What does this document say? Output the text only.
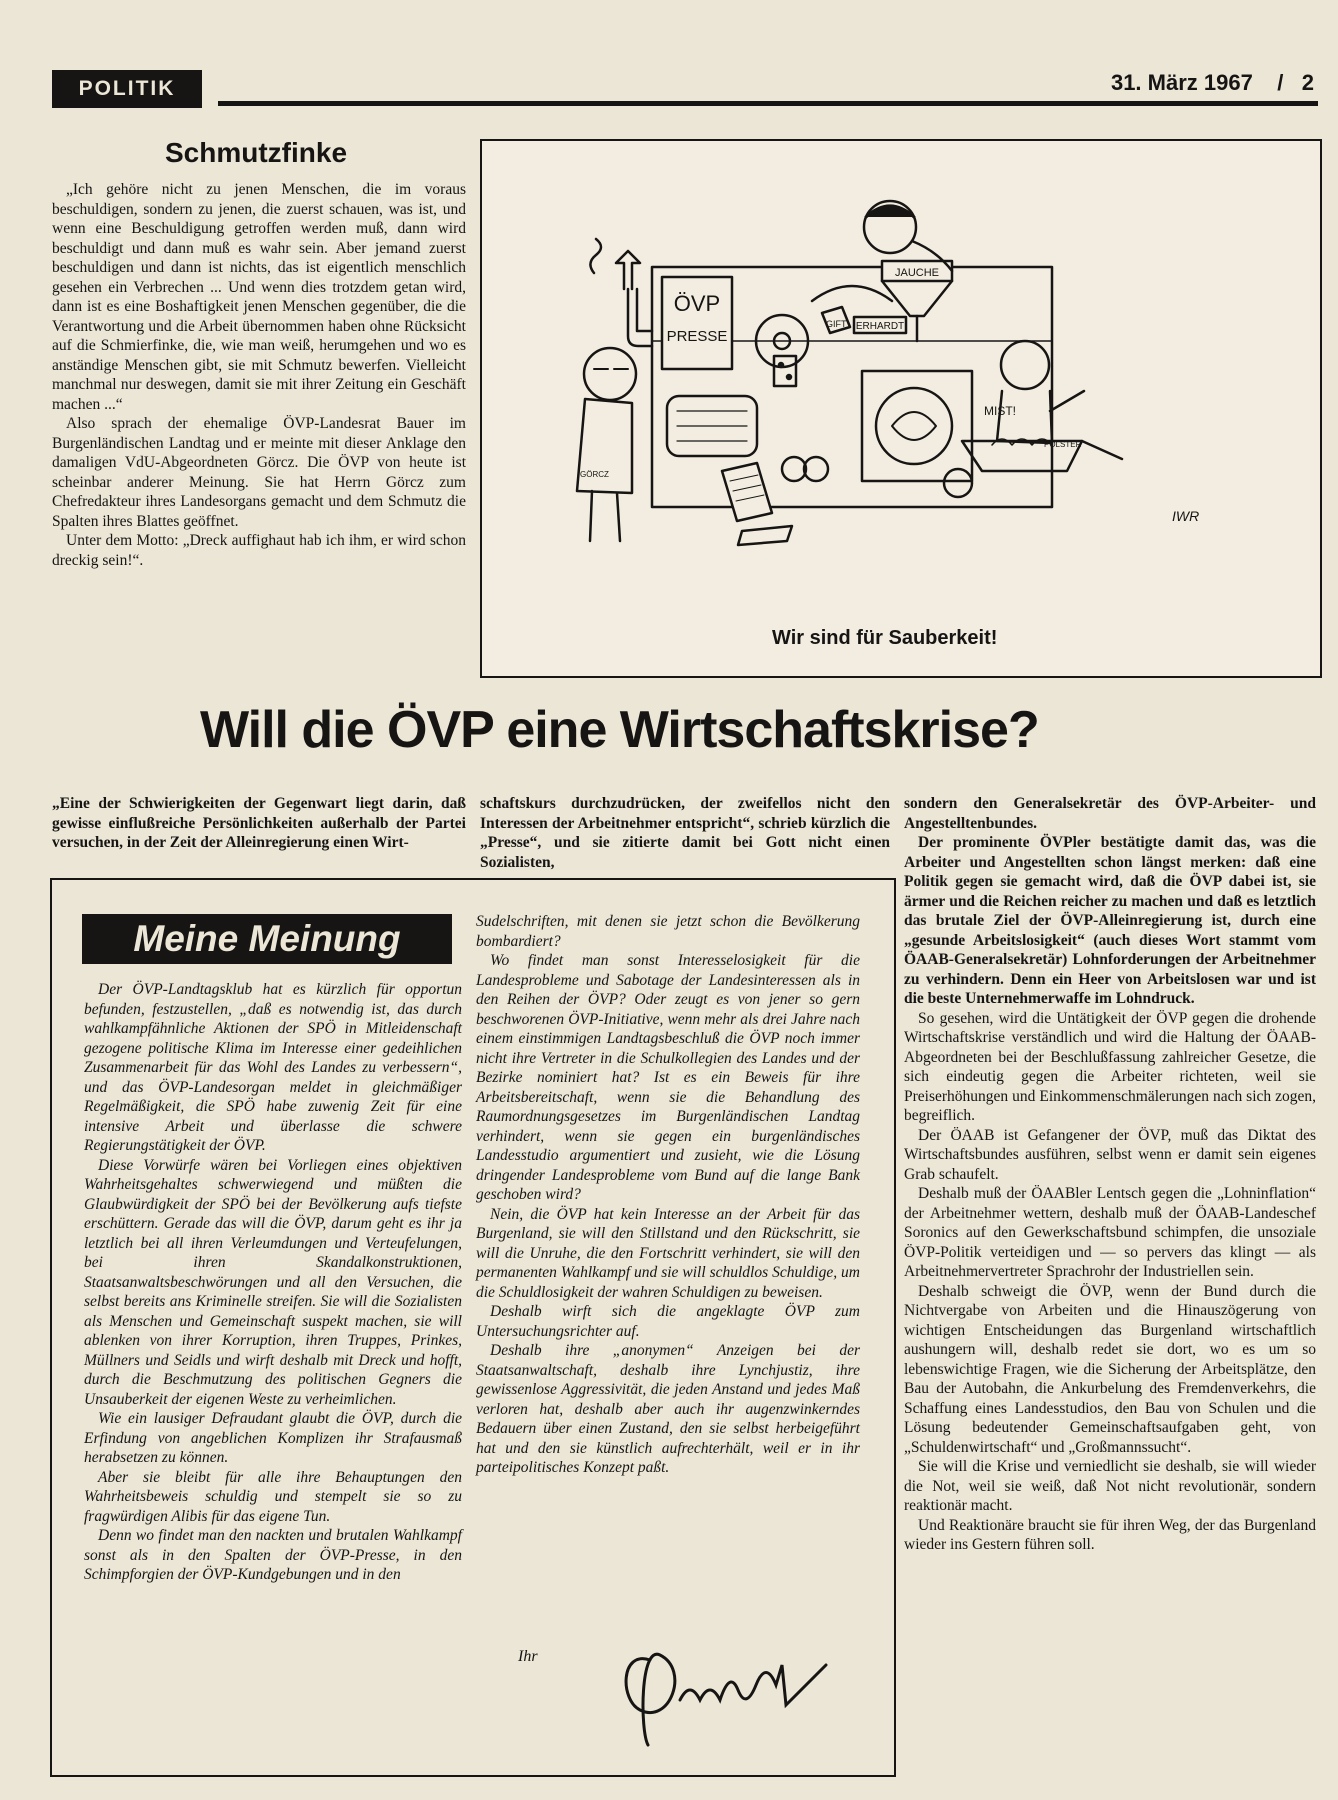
POLITIK	31. März 1967 / 2
Schmutzfinke

„Ich gehöre nicht zu jenen Menschen, die im voraus beschuldigen, sondern zu jenen, die zuerst schauen, was ist, und wenn eine Beschuldigung getroffen werden muß, dann wird beschuldigt und dann muß es wahr sein. Aber jemand zuerst beschuldigen und dann ist nichts, das ist eigentlich menschlich gesehen ein Verbrechen ... Und wenn dies trotzdem getan wird, dann ist es eine Boshaftigkeit jenen Menschen gegenüber, die die Verantwortung und die Arbeit übernommen haben ohne Rücksicht auf die Schmierfinke, die, wie man weiß, herumgehen und wo es anständige Menschen gibt, sie mit Schmutz bewerfen. Vielleicht manchmal nur deswegen, damit sie mit ihrer Zeitung ein Geschäft machen ...“

Also sprach der ehemalige ÖVP-Landesrat Bauer im Burgenländischen Landtag und er meinte mit dieser Anklage den damaligen VdU-Abgeordneten Görcz. Die ÖVP von heute ist scheinbar anderer Meinung. Sie hat Herrn Görcz zum Chefredakteur ihres Landesorgans gemacht und dem Schmutz die Spalten ihres Blattes geöffnet.

Unter dem Motto: „Dreck auffighaut hab ich ihm, er wird schon dreckig sein!“.

ÖVP
PRESSE
GIFT
JAUCHE
ERHARDT
MIST!
GÖRCZ
POLSTER
IWR
Wir sind für Sauberkeit!
Will die ÖVP eine Wirtschaftskrise?

„Eine der Schwierigkeiten der Gegenwart liegt darin, daß gewisse einflußreiche Persönlichkeiten außerhalb der Partei versuchen, in der Zeit der Alleinregierung einen Wirt-

schaftskurs durchzudrücken, der zweifellos nicht den Interessen der Arbeitnehmer entspricht“, schrieb kürzlich die „Presse“, und sie zitierte damit bei Gott nicht einen Sozialisten,

sondern den Generalsekretär des ÖVP-Arbeiter- und Angestelltenbundes.

Der prominente ÖVPler bestätigte damit das, was die Arbeiter und Angestellten schon längst merken: daß eine Politik gegen sie gemacht wird, daß die ÖVP dabei ist, sie ärmer und die Reichen reicher zu machen und daß es letztlich das brutale Ziel der ÖVP-Alleinregierung ist, durch eine „gesunde Arbeitslosigkeit“ (auch dieses Wort stammt vom ÖAAB-Generalsekretär) Lohnforderungen der Arbeitnehmer zu verhindern. Denn ein Heer von Arbeitslosen war und ist die beste Unternehmerwaffe im Lohndruck.

So gesehen, wird die Untätigkeit der ÖVP gegen die drohende Wirtschaftskrise verständlich und wird die Haltung der ÖAAB-Abgeordneten bei der Beschlußfassung zahlreicher Gesetze, die sich eindeutig gegen die Arbeiter richteten, weil sie Preiserhöhungen und Einkommenschmälerungen nach sich zogen, begreiflich.

Der ÖAAB ist Gefangener der ÖVP, muß das Diktat des Wirtschaftsbundes ausführen, selbst wenn er damit sein eigenes Grab schaufelt.

Deshalb muß der ÖAABler Lentsch gegen die „Lohninflation“ der Arbeitnehmer wettern, deshalb muß der ÖAAB-Landeschef Soronics auf den Gewerkschaftsbund schimpfen, die unsoziale ÖVP-Politik verteidigen und — so pervers das klingt — als Arbeitnehmervertreter Sprachrohr der Industriellen sein.

Deshalb schweigt die ÖVP, wenn der Bund durch die Nichtvergabe von Arbeiten und die Hinauszögerung von wichtigen Entscheidungen das Burgenland wirtschaftlich aushungern will, deshalb redet sie dort, wo es um so lebenswichtige Fragen, wie die Sicherung der Arbeitsplätze, den Bau der Autobahn, die Ankurbelung des Fremdenverkehrs, die Schaffung eines Landesstudios, den Bau von Schulen und die Lösung bedeutender Gemeinschaftsaufgaben geht, von „Schuldenwirtschaft“ und „Großmannssucht“.

Sie will die Krise und verniedlicht sie deshalb, sie will wieder die Not, weil sie weiß, daß Not nicht revolutionär, sondern reaktionär macht.

Und Reaktionäre braucht sie für ihren Weg, der das Burgenland wieder ins Gestern führen soll.

Meine Meinung

Der ÖVP-Landtagsklub hat es kürzlich für opportun befunden, festzustellen, „daß es notwendig ist, das durch wahlkampfähnliche Aktionen der SPÖ in Mitleidenschaft gezogene politische Klima im Interesse einer gedeihlichen Zusammenarbeit für das Wohl des Landes zu verbessern“, und das ÖVP-Landesorgan meldet in gleichmäßiger Regelmäßigkeit, die SPÖ habe zuwenig Zeit für eine intensive Arbeit und überlasse die schwere Regierungstätigkeit der ÖVP.

Diese Vorwürfe wären bei Vorliegen eines objektiven Wahrheitsgehaltes schwerwiegend und müßten die Glaubwürdigkeit der SPÖ bei der Bevölkerung aufs tiefste erschüttern. Gerade das will die ÖVP, darum geht es ihr ja letztlich bei all ihren Verleumdungen und Verteufelungen, bei ihren Skandalkonstruktionen, Staatsanwaltsbeschwörungen und all den Versuchen, die selbst bereits ans Kriminelle streifen. Sie will die Sozialisten als Menschen und Gemeinschaft suspekt machen, sie will ablenken von ihrer Korruption, ihren Truppes, Prinkes, Müllners und Seidls und wirft deshalb mit Dreck und hofft, durch die Beschmutzung des politischen Gegners die Unsauberkeit der eigenen Weste zu verheimlichen.

Wie ein lausiger Defraudant glaubt die ÖVP, durch die Erfindung von angeblichen Komplizen ihr Strafausmaß herabsetzen zu können.

Aber sie bleibt für alle ihre Behauptungen den Wahrheitsbeweis schuldig und stempelt sie so zu fragwürdigen Alibis für das eigene Tun.

Denn wo findet man den nackten und brutalen Wahlkampf sonst als in den Spalten der ÖVP-Presse, in den Schimpforgien der ÖVP-Kundgebungen und in den

Sudelschriften, mit denen sie jetzt schon die Bevölkerung bombardiert?

Wo findet man sonst Interesselosigkeit für die Landesprobleme und Sabotage der Landesinteressen als in den Reihen der ÖVP? Oder zeugt es von jener so gern beschworenen ÖVP-Initiative, wenn mehr als drei Jahre nach einem einstimmigen Landtagsbeschluß die ÖVP noch immer nicht ihre Vertreter in die Schulkollegien des Landes und der Bezirke nominiert hat? Ist es ein Beweis für ihre Arbeitsbereitschaft, wenn sie die Behandlung des Raumordnungsgesetzes im Burgenländischen Landtag verhindert, wenn sie gegen ein burgenländisches Landesstudio argumentiert und zusieht, wie die Lösung dringender Landesprobleme vom Bund auf die lange Bank geschoben wird?

Nein, die ÖVP hat kein Interesse an der Arbeit für das Burgenland, sie will den Stillstand und den Rückschritt, sie will die Unruhe, die den Fortschritt verhindert, sie will den permanenten Wahlkampf und sie will schuldlos Schuldige, um die Schuldlosigkeit der wahren Schuldigen zu beweisen.

Deshalb wirft sich die angeklagte ÖVP zum Untersuchungsrichter auf.

Deshalb ihre „anonymen“ Anzeigen bei der Staatsanwaltschaft, deshalb ihre Lynchjustiz, ihre gewissenlose Aggressivität, die jeden Anstand und jedes Maß verloren hat, deshalb aber auch ihr augenzwinkerndes Bedauern über einen Zustand, den sie selbst herbeigeführt hat und den sie künstlich aufrechterhält, weil er in ihr parteipolitisches Konzept paßt.

Ihr
